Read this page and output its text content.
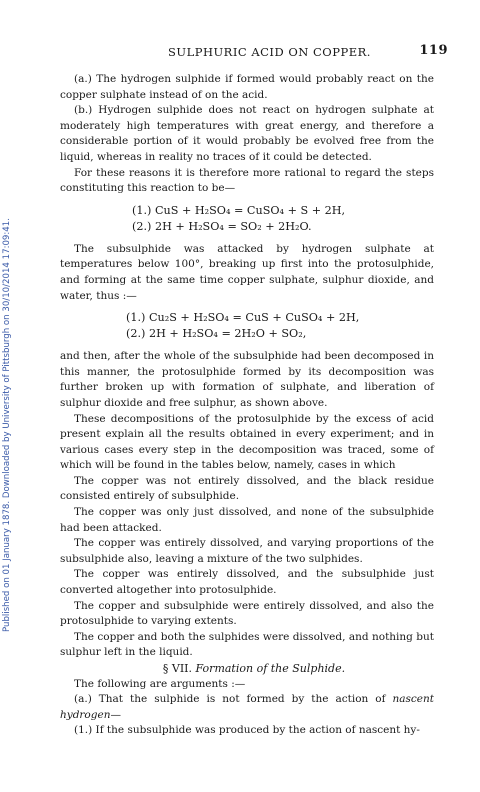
SULPHURIC ACID ON COPPER.	119
Published on 01 January 1878. Downloaded by University of Pittsburgh on 30/10/2014 17:09:41.

(a.) The hydrogen sulphide if formed would probably react on the copper sulphate instead of on the acid.

(b.) Hydrogen sulphide does not react on hydrogen sulphate at moderately high temperatures with great energy, and therefore a considerable portion of it would probably be evolved free from the liquid, whereas in reality no traces of it could be detected.

For these reasons it is therefore more rational to regard the steps constituting this reaction to be—

(1.) CuS + H₂SO₄ = CuSO₄ + S + 2H,
(2.) 2H + H₂SO₄ = SO₂ + 2H₂O.

The subsulphide was attacked by hydrogen sulphate at temperatures below 100°, breaking up first into the protosulphide, and forming at the same time copper sulphate, sulphur dioxide, and water, thus :—

(1.) Cu₂S + H₂SO₄ = CuS + CuSO₄ + 2H,
(2.) 2H + H₂SO₄ = 2H₂O + SO₂,

and then, after the whole of the subsulphide had been decomposed in this manner, the protosulphide formed by its decomposition was further broken up with formation of sulphate, and liberation of sulphur dioxide and free sulphur, as shown above.

These decompositions of the protosulphide by the excess of acid present explain all the results obtained in every experiment; and in various cases every step in the decomposition was traced, some of which will be found in the tables below, namely, cases in which

The copper was not entirely dissolved, and the black residue consisted entirely of subsulphide.

The copper was only just dissolved, and none of the subsulphide had been attacked.

The copper was entirely dissolved, and varying proportions of the subsulphide also, leaving a mixture of the two sulphides.

The copper was entirely dissolved, and the subsulphide just converted altogether into protosulphide.

The copper and subsulphide were entirely dissolved, and also the protosulphide to varying extents.

The copper and both the sulphides were dissolved, and nothing but sulphur left in the liquid.

§ VII. Formation of the Sulphide.

The following are arguments :—

(a.) That the sulphide is not formed by the action of nascent hydrogen—

(1.) If the subsulphide was produced by the action of nascent hy-
